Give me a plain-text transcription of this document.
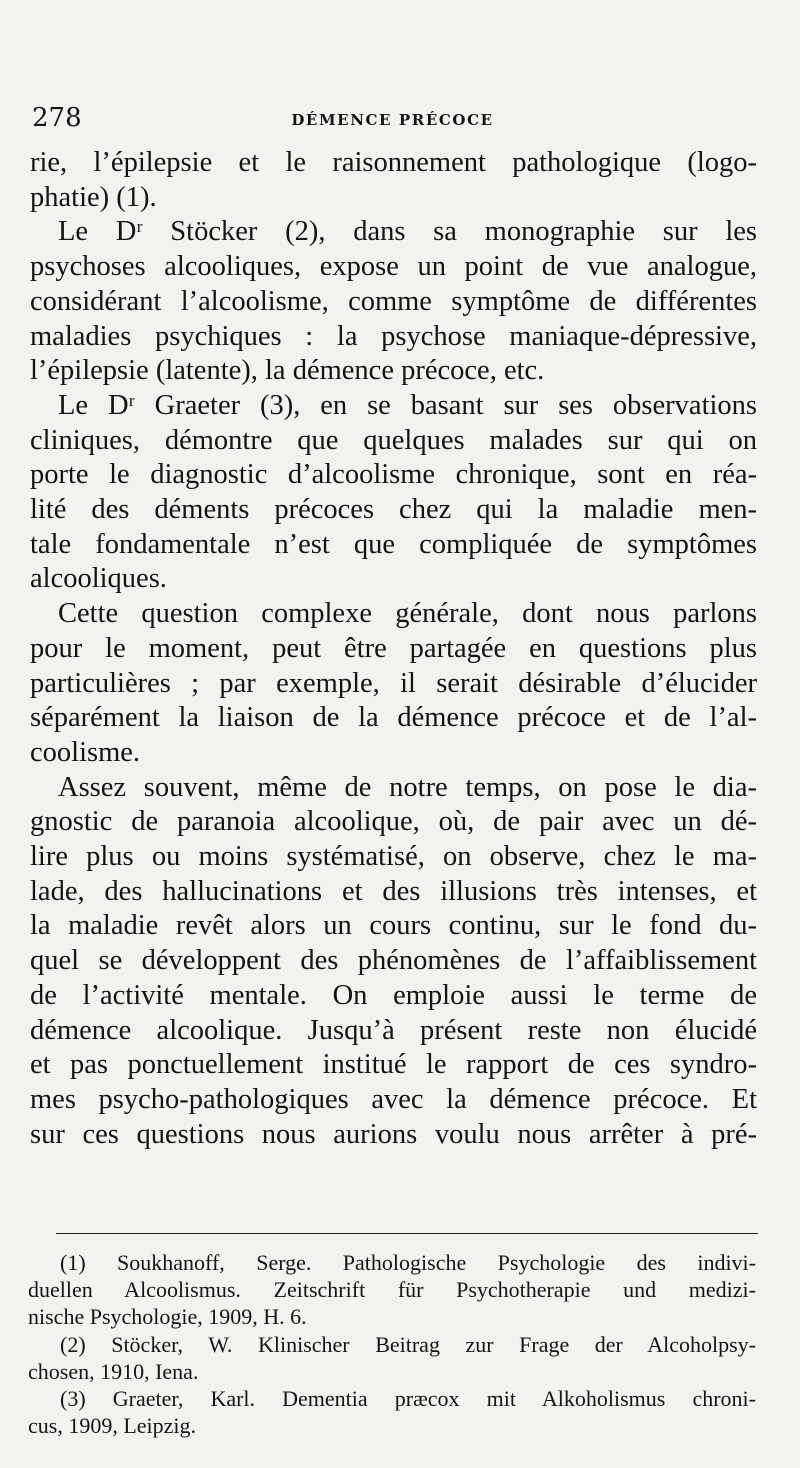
278	DÉMENCE PRÉCOCE
rie, l’épilepsie et le raisonnement pathologique (logo-
phatie) (1).
Le Dʳ Stöcker (2), dans sa monographie sur les
psychoses alcooliques, expose un point de vue analogue,
considérant l’alcoolisme, comme symptôme de différentes
maladies psychiques : la psychose maniaque-dépressive,
l’épilepsie (latente), la démence précoce, etc.
Le Dʳ Graeter (3), en se basant sur ses observations
cliniques, démontre que quelques malades sur qui on
porte le diagnostic d’alcoolisme chronique, sont en réa-
lité des déments précoces chez qui la maladie men-
tale fondamentale n’est que compliquée de symptômes
alcooliques.
Cette question complexe générale, dont nous parlons
pour le moment, peut être partagée en questions plus
particulières ; par exemple, il serait désirable d’élucider
séparément la liaison de la démence précoce et de l’al-
coolisme.
Assez souvent, même de notre temps, on pose le dia-
gnostic de paranoia alcoolique, où, de pair avec un dé-
lire plus ou moins systématisé, on observe, chez le ma-
lade, des hallucinations et des illusions très intenses, et
la maladie revêt alors un cours continu, sur le fond du-
quel se développent des phénomènes de l’affaiblissement
de l’activité mentale. On emploie aussi le terme de
démence alcoolique. Jusqu’à présent reste non élucidé
et pas ponctuellement institué le rapport de ces syndro-
mes psycho-pathologiques avec la démence précoce. Et
sur ces questions nous aurions voulu nous arrêter à pré-
(1) Soukhanoff, Serge. Pathologische Psychologie des indivi-
duellen Alcoolismus. Zeitschrift für Psychotherapie und medizi-
nische Psychologie, 1909, H. 6.
(2) Stöcker, W. Klinischer Beitrag zur Frage der Alcoholpsy-
chosen, 1910, Iena.
(3) Graeter, Karl. Dementia præcox mit Alkoholismus chroni-
cus, 1909, Leipzig.
